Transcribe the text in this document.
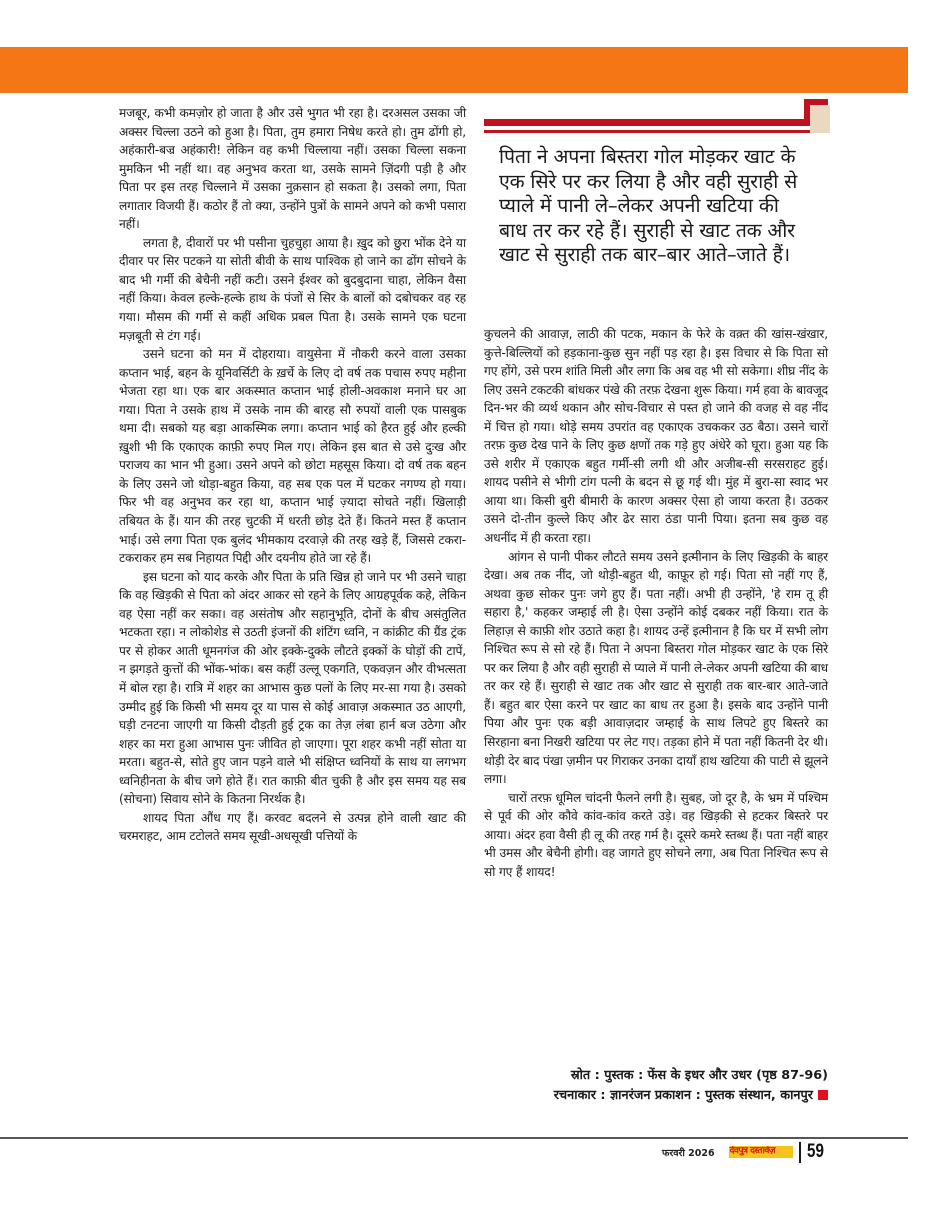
मजबूर, कभी कमज़ोर हो जाता है और उसे भुगत भी रहा है। दरअसल उसका जी अक्सर चिल्ला उठने को हुआ है। पिता, तुम हमारा निषेध करते हो। तुम ढोंगी हो, अहंकारी-बज्र अहंकारी! लेकिन वह कभी चिल्लाया नहीं। उसका चिल्ला सकना मुमकिन भी नहीं था। वह अनुभव करता था, उसके सामने ज़िंदगी पड़ी है और पिता पर इस तरह चिल्लाने में उसका नुक़सान हो सकता है। उसको लगा, पिता लगातार विजयी हैं। कठोर हैं तो क्या, उन्होंने पुत्रों के सामने अपने को कभी पसारा नहीं।

लगता है, दीवारों पर भी पसीना चुहचुहा आया है। ख़ुद को छुरा भोंक देने या दीवार पर सिर पटकने या सोती बीवी के साथ पाश्विक हो जाने का ढोंग सोचने के बाद भी गर्मी की बेचैनी नहीं कटी। उसने ईश्वर को बुदबुदाना चाहा, लेकिन वैसा नहीं किया। केवल हल्के-हल्के हाथ के पंजों से सिर के बालों को दबोचकर वह रह गया। मौसम की गर्मी से कहीं अधिक प्रबल पिता है। उसके सामने एक घटना मज़बूती से टंग गई।

उसने घटना को मन में दोहराया। वायुसेना में नौकरी करने वाला उसका कप्तान भाई, बहन के यूनिवर्सिटी के ख़र्चे के लिए दो वर्ष तक पचास रुपए महीना भेजता रहा था। एक बार अकस्मात कप्तान भाई होली-अवकाश मनाने घर आ गया। पिता ने उसके हाथ में उसके नाम की बारह सौ रुपयों वाली एक पासबुक थमा दी। सबको यह बड़ा आकस्मिक लगा। कप्तान भाई को हैरत हुई और हल्की ख़ुशी भी कि एकाएक काफ़ी रुपए मिल गए। लेकिन इस बात से उसे दुःख और पराजय का भान भी हुआ। उसने अपने को छोटा महसूस किया। दो वर्ष तक बहन के लिए उसने जो थोड़ा-बहुत किया, वह सब एक पल में घटकर नगण्य हो गया। फिर भी वह अनुभव कर रहा था, कप्तान भाई ज़्यादा सोचते नहीं। खिलाड़ी तबियत के हैं। यान की तरह चुटकी में धरती छोड़ देते हैं। कितने मस्त हैं कप्तान भाई। उसे लगा पिता एक बुलंद भीमकाय दरवाज़े की तरह खड़े हैं, जिससे टकरा-टकराकर हम सब निहायत पिद्दी और दयनीय होते जा रहे हैं।

इस घटना को याद करके और पिता के प्रति खिन्न हो जाने पर भी उसने चाहा कि वह खिड़की से पिता को अंदर आकर सो रहने के लिए आग्रहपूर्वक कहे, लेकिन वह ऐसा नहीं कर सका। वह असंतोष और सहानुभूति, दोनों के बीच असंतुलित भटकता रहा। न लोकोशेड से उठती इंजनों की शंटिंग ध्वनि, न कांक्रीट की ग्रैंड ट्रंक पर से होकर आती धूमनगंज की ओर इक्के-दुक्के लौटते इक्कों के घोड़ों की टापें, न झगड़ते कुत्तों की भोंक-भांक। बस कहीं उल्लू एकगति, एकवज़न और वीभत्सता में बोल रहा है। रात्रि में शहर का आभास कुछ पलों के लिए मर-सा गया है। उसको उम्मीद हुई कि किसी भी समय दूर या पास से कोई आवाज़ अकस्मात उठ आएगी, घड़ी टनटना जाएगी या किसी दौड़ती हुई ट्रक का तेज़ लंबा हार्न बज उठेगा और शहर का मरा हुआ आभास पुनः जीवित हो जाएगा। पूरा शहर कभी नहीं सोता या मरता। बहुत-से, सोते हुए जान पड़ने वाले भी संक्षिप्त ध्वनियों के साथ या लगभग ध्वनिहीनता के बीच जगे होते हैं। रात काफ़ी बीत चुकी है और इस समय यह सब (सोचना) सिवाय सोने के कितना निरर्थक है।

शायद पिता औंध गए हैं। करवट बदलने से उत्पन्न होने वाली खाट की चरमराहट, आम टटोलते समय सूखी-अधसूखी पत्तियों के

पिता ने अपना बिस्तरा गोल मोड़कर खाट के एक सिरे पर कर लिया है और वही सुराही से प्याले में पानी ले–लेकर अपनी खटिया की बाध तर कर रहे हैं। सुराही से खाट तक और खाट से सुराही तक बार–बार आते–जाते हैं।

कुचलने की आवाज़, लाठी की पटक, मकान के फेरे के वक़्त की खांस-खंखार, कुत्ते-बिल्लियों को हड़काना-कुछ सुन नहीं पड़ रहा है। इस विचार से कि पिता सो गए होंगे, उसे परम शांति मिली और लगा कि अब वह भी सो सकेगा। शीघ्र नींद के लिए उसने टकटकी बांधकर पंखे की तरफ़ देखना शुरू किया। गर्म हवा के बावजूद दिन-भर की व्यर्थ थकान और सोच-विचार से पस्त हो जाने की वजह से वह नींद में चित्त हो गया। थोड़े समय उपरांत वह एकाएक उचककर उठ बैठा। उसने चारों तरफ़ कुछ देख पाने के लिए कुछ क्षणों तक गड़े हुए अंधेरे को घूरा। हुआ यह कि उसे शरीर में एकाएक बहुत गर्मी-सी लगी थी और अजीब-सी सरसराहट हुई। शायद पसीने से भीगी टांग पत्नी के बदन से छू गई थी। मुंह में बुरा-सा स्वाद भर आया था। किसी बुरी बीमारी के कारण अक्सर ऐसा हो जाया करता है। उठकर उसने दो-तीन कुल्ले किए और ढेर सारा ठंडा पानी पिया। इतना सब कुछ वह अधनींद में ही करता रहा।

आंगन से पानी पीकर लौटते समय उसने इत्मीनान के लिए खिड़की के बाहर देखा। अब तक नींद, जो थोड़ी-बहुत थी, काफ़ूर हो गई। पिता सो नहीं गए हैं, अथवा कुछ सोकर पुनः जगे हुए हैं। पता नहीं। अभी ही उन्होंने, 'हे राम तू ही सहारा है,' कहकर जम्हाई ली है। ऐसा उन्होंने कोई दबकर नहीं किया। रात के लिहाज़ से काफ़ी शोर उठाते कहा है। शायद उन्हें इत्मीनान है कि घर में सभी लोग निश्चित रूप से सो रहे हैं। पिता ने अपना बिस्तरा गोल मोड़कर खाट के एक सिरे पर कर लिया है और वही सुराही से प्याले में पानी ले-लेकर अपनी खटिया की बाध तर कर रहे हैं। सुराही से खाट तक और खाट से सुराही तक बार-बार आते-जाते हैं। बहुत बार ऐसा करने पर खाट का बाध तर हुआ है। इसके बाद उन्होंने पानी पिया और पुनः एक बड़ी आवाज़दार जम्हाई के साथ लिपटे हुए बिस्तरे का सिरहाना बना निखरी खटिया पर लेट गए। तड़का होने में पता नहीं कितनी देर थी। थोड़ी देर बाद पंखा ज़मीन पर गिराकर उनका दायाँ हाथ खटिया की पाटी से झूलने लगा।

चारों तरफ़ धूमिल चांदनी फैलने लगी है। सुबह, जो दूर है, के भ्रम में पश्चिम से पूर्व की ओर कौवे कांव-कांव करते उड़े। वह खिड़की से हटकर बिस्तरे पर आया। अंदर हवा वैसी ही लू की तरह गर्म है। दूसरे कमरे स्तब्ध हैं। पता नहीं बाहर भी उमस और बेचैनी होगी। वह जागते हुए सोचने लगा, अब पिता निश्चित रूप से सो गए हैं शायद!

स्रोत : पुस्तक : फेंस के इधर और उधर (पृष्ठ 87-96)
रचनाकार : ज्ञानरंजन प्रकाशन : पुस्तक संस्थान, कानपुर
फरवरी 2026 देवपुत्र दस्तावेज़ 59
